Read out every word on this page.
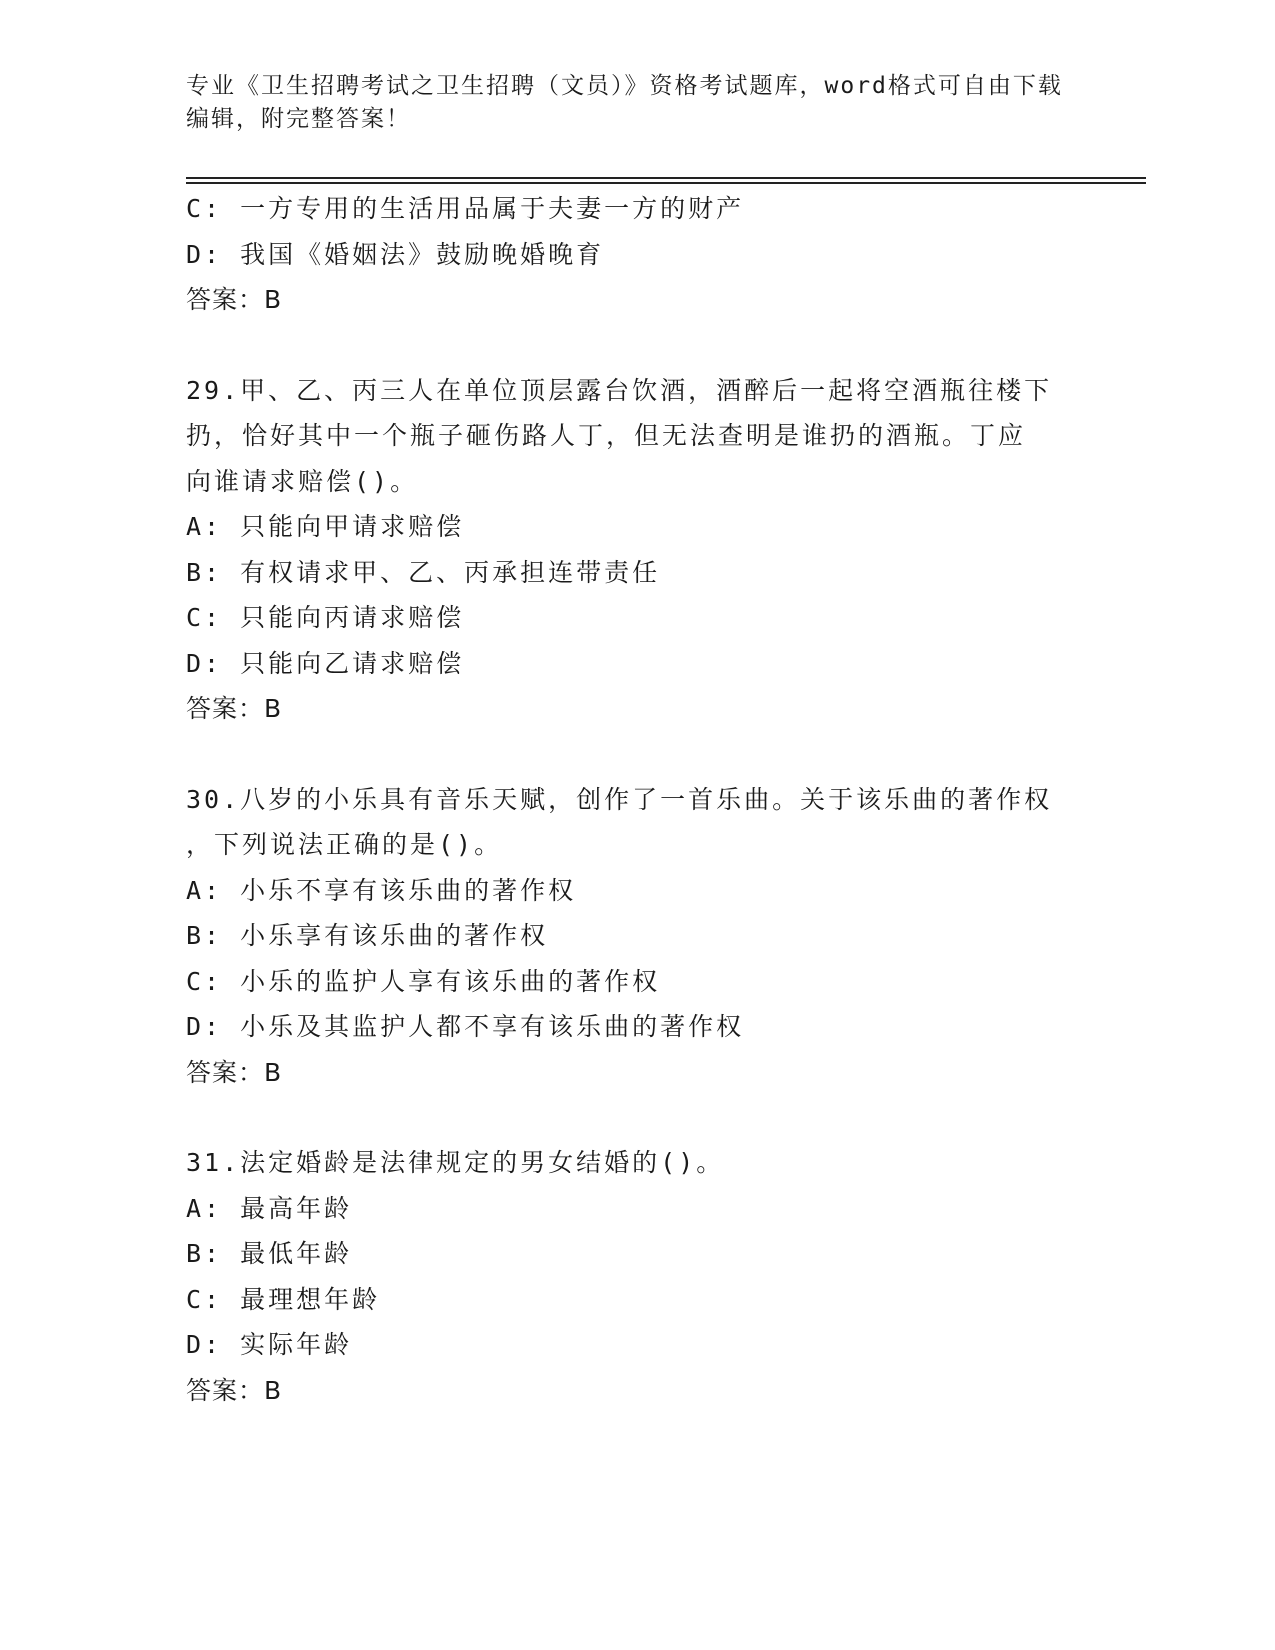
专业《卫生招聘考试之卫生招聘（文员）》资格考试题库，word格式可自由下载
编辑，附完整答案！
C: 一方专用的生活用品属于夫妻一方的财产
D: 我国《婚姻法》鼓励晚婚晚育
答案：B
29.甲、乙、丙三人在单位顶层露台饮酒，酒醉后一起将空酒瓶往楼下
扔，恰好其中一个瓶子砸伤路人丁，但无法查明是谁扔的酒瓶。丁应
向谁请求赔偿()。
A: 只能向甲请求赔偿
B: 有权请求甲、乙、丙承担连带责任
C: 只能向丙请求赔偿
D: 只能向乙请求赔偿
答案：B
30.八岁的小乐具有音乐天赋，创作了一首乐曲。关于该乐曲的著作权
，下列说法正确的是()。
A: 小乐不享有该乐曲的著作权
B: 小乐享有该乐曲的著作权
C: 小乐的监护人享有该乐曲的著作权
D: 小乐及其监护人都不享有该乐曲的著作权
答案：B
31.法定婚龄是法律规定的男女结婚的()。
A: 最高年龄
B: 最低年龄
C: 最理想年龄
D: 实际年龄
答案：B
